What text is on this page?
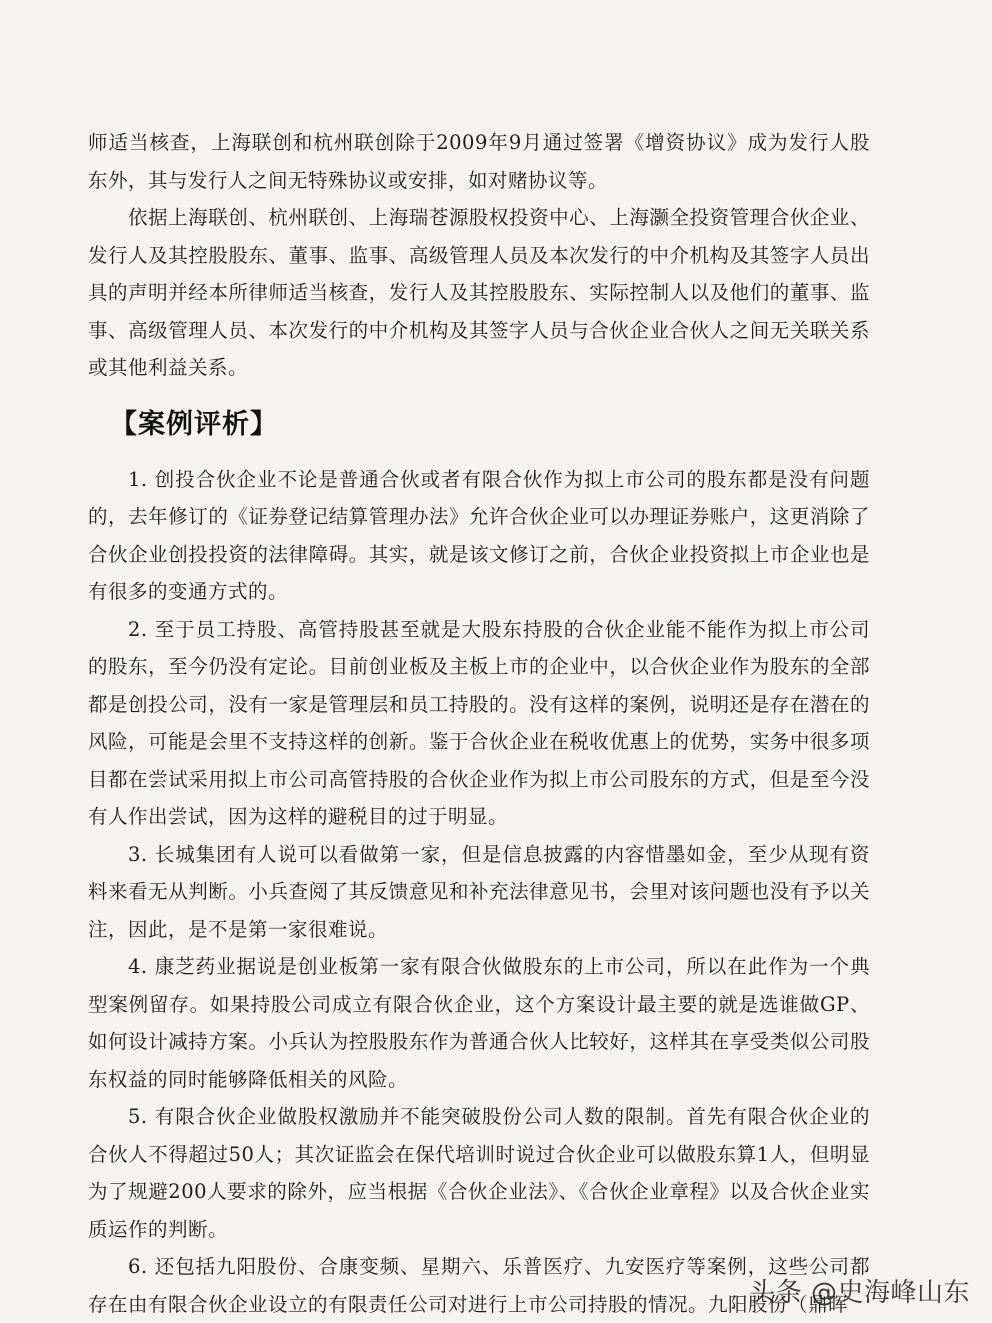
师适当核查，上海联创和杭州联创除于2009年9月通过签署《增资协议》成为发行人股东外，其与发行人之间无特殊协议或安排，如对赌协议等。

依据上海联创、杭州联创、上海瑞苍源股权投资中心、上海灏全投资管理合伙企业、发行人及其控股股东、董事、监事、高级管理人员及本次发行的中介机构及其签字人员出具的声明并经本所律师适当核查，发行人及其控股股东、实际控制人以及他们的董事、监事、高级管理人员、本次发行的中介机构及其签字人员与合伙企业合伙人之间无关联关系或其他利益关系。

【案例评析】

1. 创投合伙企业不论是普通合伙或者有限合伙作为拟上市公司的股东都是没有问题的，去年修订的《证券登记结算管理办法》允许合伙企业可以办理证券账户，这更消除了合伙企业创投投资的法律障碍。其实，就是该文修订之前，合伙企业投资拟上市企业也是有很多的变通方式的。

2. 至于员工持股、高管持股甚至就是大股东持股的合伙企业能不能作为拟上市公司的股东，至今仍没有定论。目前创业板及主板上市的企业中，以合伙企业作为股东的全部都是创投公司，没有一家是管理层和员工持股的。没有这样的案例，说明还是存在潜在的风险，可能是会里不支持这样的创新。鉴于合伙企业在税收优惠上的优势，实务中很多项目都在尝试采用拟上市公司高管持股的合伙企业作为拟上市公司股东的方式，但是至今没有人作出尝试，因为这样的避税目的过于明显。

3. 长城集团有人说可以看做第一家，但是信息披露的内容惜墨如金，至少从现有资料来看无从判断。小兵查阅了其反馈意见和补充法律意见书，会里对该问题也没有予以关注，因此，是不是第一家很难说。

4. 康芝药业据说是创业板第一家有限合伙做股东的上市公司，所以在此作为一个典型案例留存。如果持股公司成立有限合伙企业，这个方案设计最主要的就是选谁做GP、如何设计减持方案。小兵认为控股股东作为普通合伙人比较好，这样其在享受类似公司股东权益的同时能够降低相关的风险。

5. 有限合伙企业做股权激励并不能突破股份公司人数的限制。首先有限合伙企业的合伙人不得超过50人；其次证监会在保代培训时说过合伙企业可以做股东算1人，但明显为了规避200人要求的除外，应当根据《合伙企业法》、《合伙企业章程》以及合伙企业实质运作的判断。

6. 还包括九阳股份、合康变频、星期六、乐普医疗、九安医疗等案例，这些公司都存在由有限合伙企业设立的有限责任公司对进行上市公司持股的情况。九阳股份（鼎晖

头条 @史海峰山东
